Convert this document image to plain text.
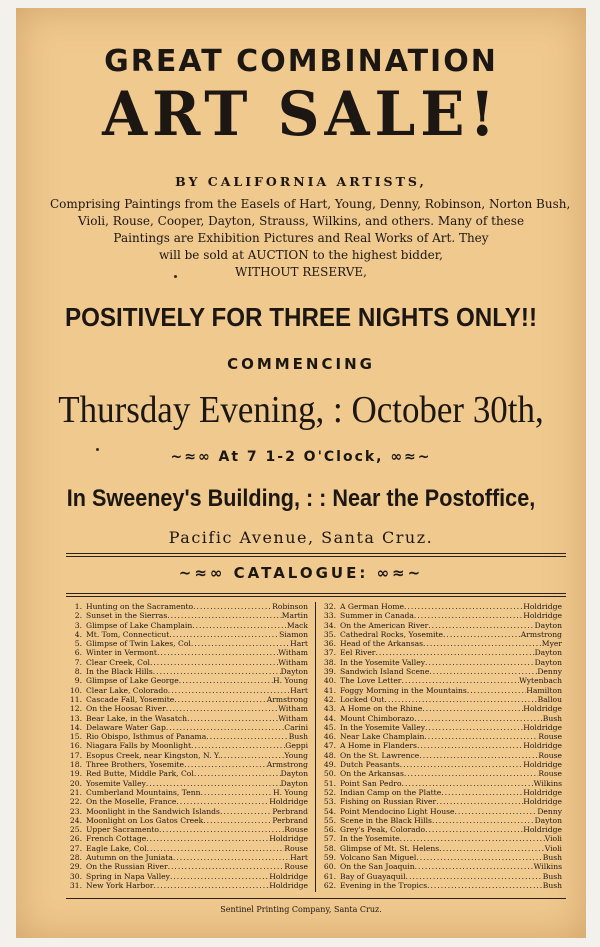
GREAT COMBINATION
ART SALE!
BY CALIFORNIA ARTISTS,
Comprising Paintings from the Easels of Hart, Young, Denny, Robinson, Norton Bush,
Violi, Rouse, Cooper, Dayton, Strauss, Wilkins, and others. Many of these
Paintings are Exhibition Pictures and Real Works of Art. They
will be sold at AUCTION to the highest bidder,
WITHOUT RESERVE,
POSITIVELY FOR THREE NIGHTS ONLY!!
COMMENCING
Thursday Evening, : October 30th,
~≈∞ At 7 1-2 O'Clock, ∞≈~
In Sweeney's Building, : : Near the Postoffice,
Pacific Avenue, Santa Cruz.
~≈∞ CATALOGUE: ∞≈~
1. Hunting on the Sacramento .....	Robinson
2. Sunset in the Sierras .....	Martin
3. Glimpse of Lake Champlain .....	Mack
4. Mt. Tom, Connecticut .....	Siamon
5. Glimpse of Twin Lakes, Col .....	Hart
6. Winter in Vermont .....	Witham
7. Clear Creek, Col .....	Witham
8. In the Black Hills .....	Dayton
9. Glimpse of Lake George .....	H. Young
10. Clear Lake, Colorado .....	Hart
11. Cascade Fall, Yosemite .....	Armstrong
12. On the Hoosac River .....	Witham
13. Bear Lake, in the Wasatch .....	Witham
14. Delaware Water Gap .....	Carini
15. Rio Obispo, Isthmus of Panama .....	Bush
16. Niagara Falls by Moonlight .....	Geppi
17. Esopus Creek, near Kingston, N. Y. .....	Young
18. Three Brothers, Yosemite .....	Armstrong
19. Red Butte, Middle Park, Col .....	Dayton
20. Yosemite Valley .....	Dayton
21. Cumberland Mountains, Tenn .....	H. Young
22. On the Moselle, France .....	Holdridge
23. Moonlight in the Sandwich Islands .....	Perbrand
24. Moonlight on Los Gatos Creek .....	Perbrand
25. Upper Sacramento .....	Rouse
26. French Cottage .....	Holdridge
27. Eagle Lake, Col .....	Rouse
28. Autumn on the Juniata .....	Hart
29. On the Russian River .....	Rouse
30. Spring in Napa Valley .....	Holdridge
31. New York Harbor .....	Holdridge
32. A German Home .....	Holdridge
33. Summer in Canada .....	Holdridge
34. On the American River .....	Dayton
35. Cathedral Rocks, Yosemite .....	Armstrong
36. Head of the Arkansas .....	Myer
37. Eel River .....	Dayton
38. In the Yosemite Valley .....	Dayton
39. Sandwich Island Scene .....	Denny
40. The Love Letter .....	Wytenbach
41. Foggy Morning in the Mountains .....	Hamilton
42. Locked Out .....	Ballou
43. A Home on the Rhine .....	Holdridge
44. Mount Chimborazo .....	Bush
45. In the Yosemite Valley .....	Holdridge
46. Near Lake Champlain .....	Rouse
47. A Home in Flanders .....	Holdridge
48. On the St. Lawrence .....	Rouse
49. Dutch Peasants .....	Holdridge
50. On the Arkansas .....	Rouse
51. Point San Pedro .....	Wilkins
52. Indian Camp on the Platte .....	Holdridge
53. Fishing on Russian River .....	Holdridge
54. Point Mendocino Light House .....	Denny
55. Scene in the Black Hills .....	Dayton
56. Grey's Peak, Colorado .....	Holdridge
57. In the Yosemite .....	Violi
58. Glimpse of Mt. St. Helens .....	Violi
59. Volcano San Miguel .....	Bush
60. On the San Joaquin .....	Wilkins
61. Bay of Guayaquil .....	Bush
62. Evening in the Tropics .....	Bush
Sentinel Printing Company, Santa Cruz.
